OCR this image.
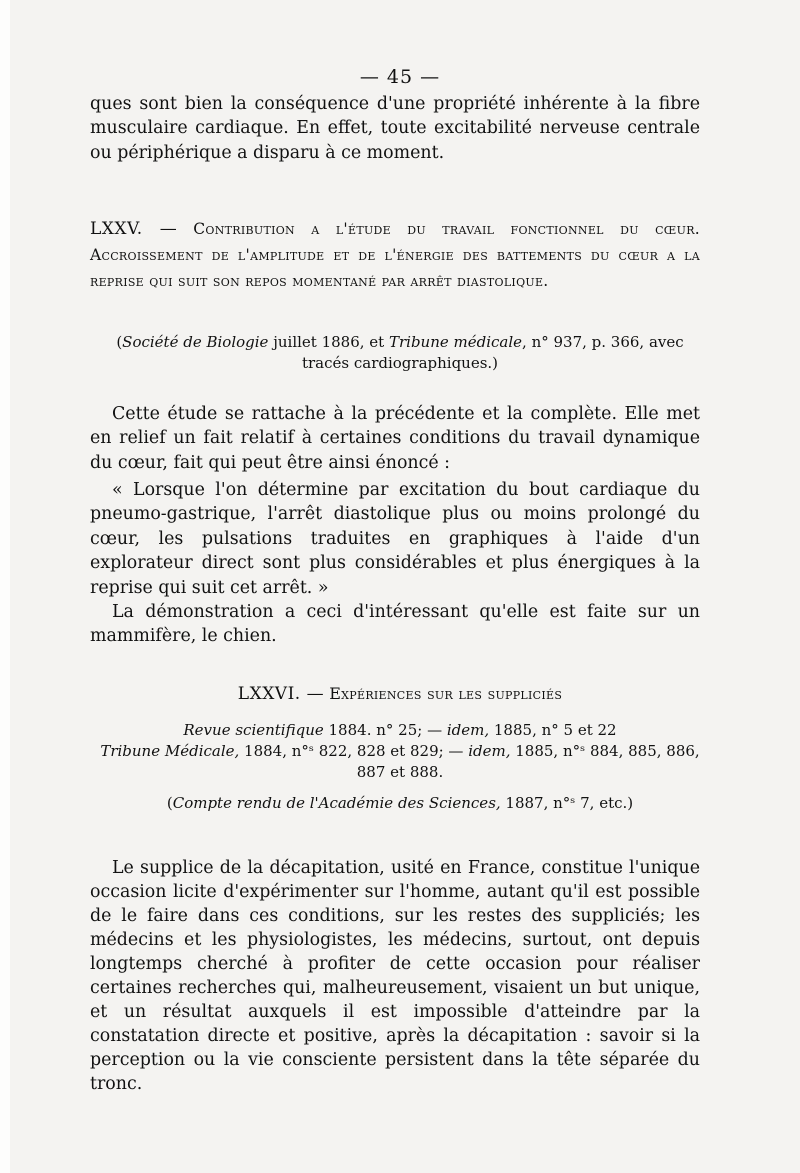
— 45 —

ques sont bien la conséquence d'une propriété inhérente à la fibre musculaire cardiaque. En effet, toute excitabilité nerveuse centrale ou périphérique a disparu à ce moment.

LXXV. — Contribution a l'étude du travail fonctionnel du cœur. Accroissement de l'amplitude et de l'énergie des battements du cœur a la reprise qui suit son repos momentané par arrêt diastolique.
(Société de Biologie juillet 1886, et Tribune médicale, n° 937, p. 366, avec tracés cardiographiques.)

Cette étude se rattache à la précédente et la complète. Elle met en relief un fait relatif à certaines conditions du travail dynamique du cœur, fait qui peut être ainsi énoncé :

« Lorsque l'on détermine par excitation du bout cardiaque du pneumo-gastrique, l'arrêt diastolique plus ou moins prolongé du cœur, les pulsations traduites en graphiques à l'aide d'un explorateur direct sont plus considérables et plus énergiques à la reprise qui suit cet arrêt. »

La démonstration a ceci d'intéressant qu'elle est faite sur un mammifère, le chien.

LXXVI. — Expériences sur les suppliciés
Revue scientifique 1884. n° 25; — idem, 1885, n° 5 et 22
Tribune Médicale, 1884, n°ˢ 822, 828 et 829; — idem, 1885, n°ˢ 884, 885, 886, 887 et 888.
(Compte rendu de l'Académie des Sciences, 1887, n°ˢ 7, etc.)

Le supplice de la décapitation, usité en France, constitue l'unique occasion licite d'expérimenter sur l'homme, autant qu'il est possible de le faire dans ces conditions, sur les restes des suppliciés; les médecins et les physiologistes, les médecins, surtout, ont depuis longtemps cherché à profiter de cette occasion pour réaliser certaines recherches qui, malheureusement, visaient un but unique, et un résultat auxquels il est impossible d'atteindre par la constatation directe et positive, après la décapitation : savoir si la perception ou la vie consciente persistent dans la tête séparée du tronc.
